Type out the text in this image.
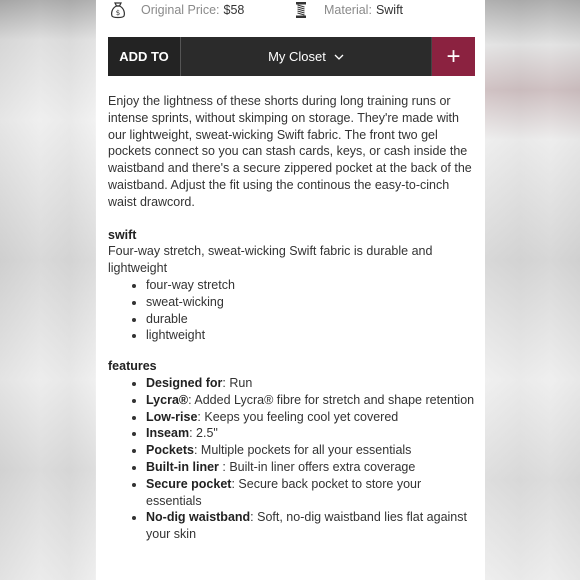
$ Original Price: $58	Material: Swift
ADD TO	My Closet	+

Enjoy the lightness of these shorts during long training runs or intense sprints, without skimping on storage. They're made with our lightweight, sweat-wicking Swift fabric. The front two gel pockets connect so you can stash cards, keys, or cash inside the waistband and there's a secure zippered pocket at the back of the waistband. Adjust the fit using the continous the easy-to-cinch waist drawcord.

swift

Four-way stretch, sweat-wicking Swift fabric is durable and lightweight

• four-way stretch
• sweat-wicking
• durable
• lightweight
features
• Designed for: Run
• Lycra®: Added Lycra® fibre for stretch and shape retention
• Low-rise: Keeps you feeling cool yet covered
• Inseam: 2.5"
• Pockets: Multiple pockets for all your essentials
• Built-in liner : Built-in liner offers extra coverage
• Secure pocket: Secure back pocket to store your essentials
• No-dig waistband: Soft, no-dig waistband lies flat against your skin
